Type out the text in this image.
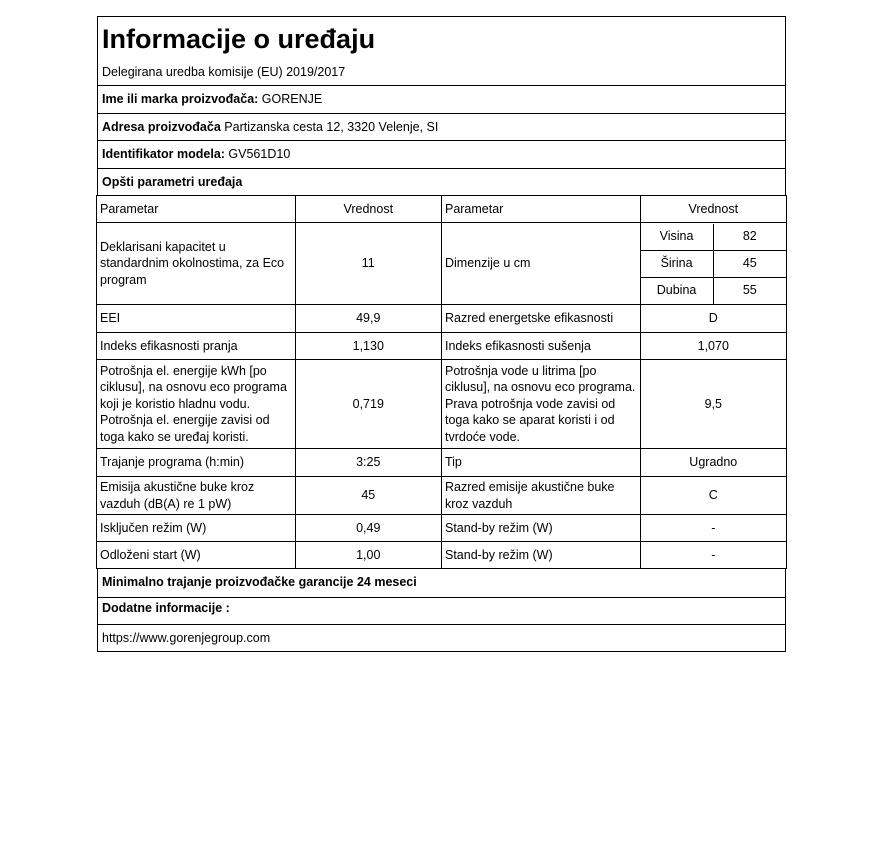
Informacije o uređaju
Delegirana uredba komisije (EU) 2019/2017
Ime ili marka proizvođača: GORENJE
Adresa proizvođača Partizanska cesta 12, 3320 Velenje, SI
Identifikator modela: GV561D10
Opšti parametri uređaja
Parametar	Vrednost	Parametar	Vrednost
Deklarisani kapacitet u standardnim okolnostima, za Eco program	11	Dimenzije u cm	
Visina	82
Širina	45
Dubina	55

EEI	49,9	Razred energetske efikasnosti	D
Indeks efikasnosti pranja	1,130	Indeks efikasnosti sušenja	1,070
Potrošnja el. energije kWh [po ciklusu], na osnovu eco programa koji je koristio hladnu vodu. Potrošnja el. energije zavisi od toga kako se uređaj koristi.	0,719	Potrošnja vode u litrima [po ciklusu], na osnovu eco programa. Prava potrošnja vode zavisi od toga kako se aparat koristi i od tvrdoće vode.	9,5
Trajanje programa (h:min)	3:25	Tip	Ugradno
Emisija akustične buke kroz vazduh (dB(A) re 1 pW)	45	Razred emisije akustične buke kroz vazduh	C
Isključen režim (W)	0,49	Stand-by režim (W)	-
Odloženi start (W)	1,00	Stand-by režim (W)	-
Minimalno trajanje proizvođačke garancije 24 meseci
Dodatne informacije :
https://www.gorenjegroup.com
